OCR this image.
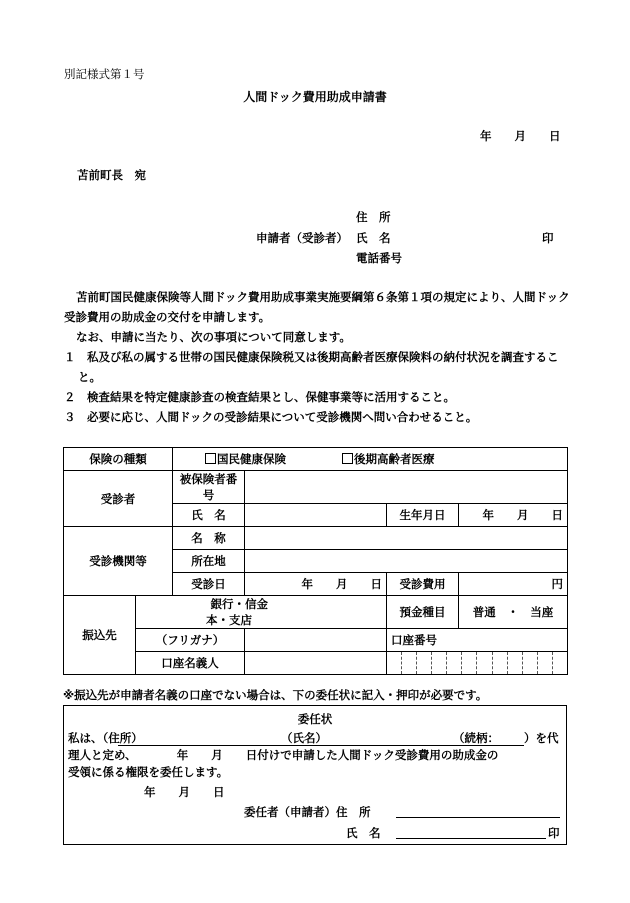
別記様式第１号
人間ドック費用助成申請書
年　　月　　日
苫前町長　宛
住　所
申請者（受診者） 氏　名	印
電話番号

苫前町国民健康保険等人間ドック費用助成事業実施要綱第６条第１項の規定により、人間ドック受診費用の助成金の交付を申請します。

なお、申請に当たり、次の事項について同意します。

１　私及び私の属する世帯の国民健康保険税又は後期高齢者医療保険料の納付状況を調査すること。

２　検査結果を特定健康診査の検査結果とし、保健事業等に活用すること。

３　必要に応じ、人間ドックの受診結果について受診機関へ問い合わせること。

保険の種類		国民健康保険 後期高齢者医療			
受診者		被保険者番号			
		氏　名		生年月日	年　　月　　日
受診機関等		名　称			
		所在地			
		受診日	年　　月　　日	受診費用	円
振込先	銀行・信金 本・支店			預金種目	普通　・　当座
	（フリガナ）			口座番号	
	口座名義人				
※振込先が申請者名義の口座でない場合は、下の委任状に記入・押印が必要です。
委任状
私は、（住所）	（氏名）	（続柄： ）を代
理人と定め、　　　　年　　月　　日付けで申請した人間ドック受診費用の助成金の
受領に係る権限を委任します。
年　　月　　日
委任者（申請者）住　所
氏　名	印
